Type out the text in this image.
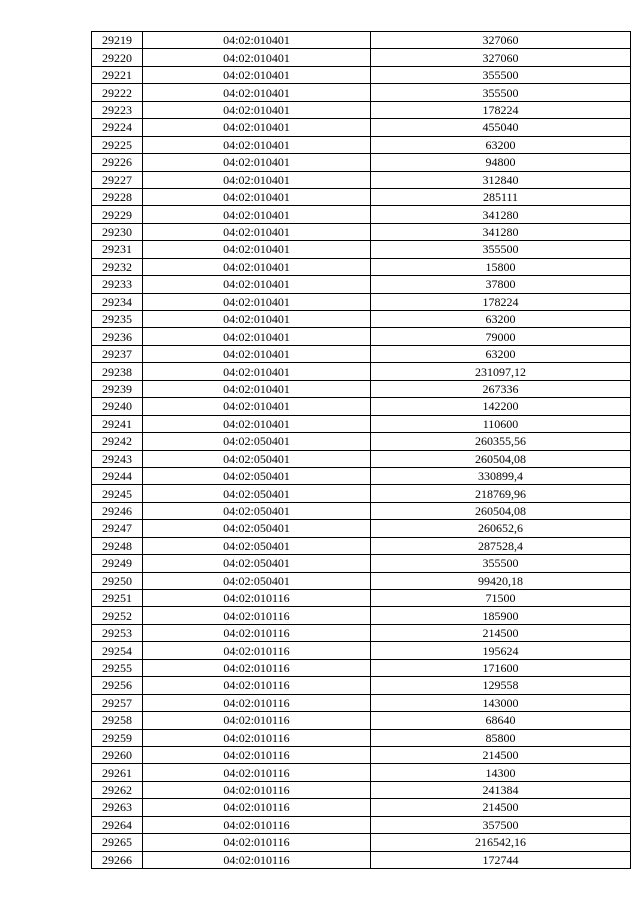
29219	04:02:010401	327060
29220	04:02:010401	327060
29221	04:02:010401	355500
29222	04:02:010401	355500
29223	04:02:010401	178224
29224	04:02:010401	455040
29225	04:02:010401	63200
29226	04:02:010401	94800
29227	04:02:010401	312840
29228	04:02:010401	285111
29229	04:02:010401	341280
29230	04:02:010401	341280
29231	04:02:010401	355500
29232	04:02:010401	15800
29233	04:02:010401	37800
29234	04:02:010401	178224
29235	04:02:010401	63200
29236	04:02:010401	79000
29237	04:02:010401	63200
29238	04:02:010401	231097,12
29239	04:02:010401	267336
29240	04:02:010401	142200
29241	04:02:010401	110600
29242	04:02:050401	260355,56
29243	04:02:050401	260504,08
29244	04:02:050401	330899,4
29245	04:02:050401	218769,96
29246	04:02:050401	260504,08
29247	04:02:050401	260652,6
29248	04:02:050401	287528,4
29249	04:02:050401	355500
29250	04:02:050401	99420,18
29251	04:02:010116	71500
29252	04:02:010116	185900
29253	04:02:010116	214500
29254	04:02:010116	195624
29255	04:02:010116	171600
29256	04:02:010116	129558
29257	04:02:010116	143000
29258	04:02:010116	68640
29259	04:02:010116	85800
29260	04:02:010116	214500
29261	04:02:010116	14300
29262	04:02:010116	241384
29263	04:02:010116	214500
29264	04:02:010116	357500
29265	04:02:010116	216542,16
29266	04:02:010116	172744
